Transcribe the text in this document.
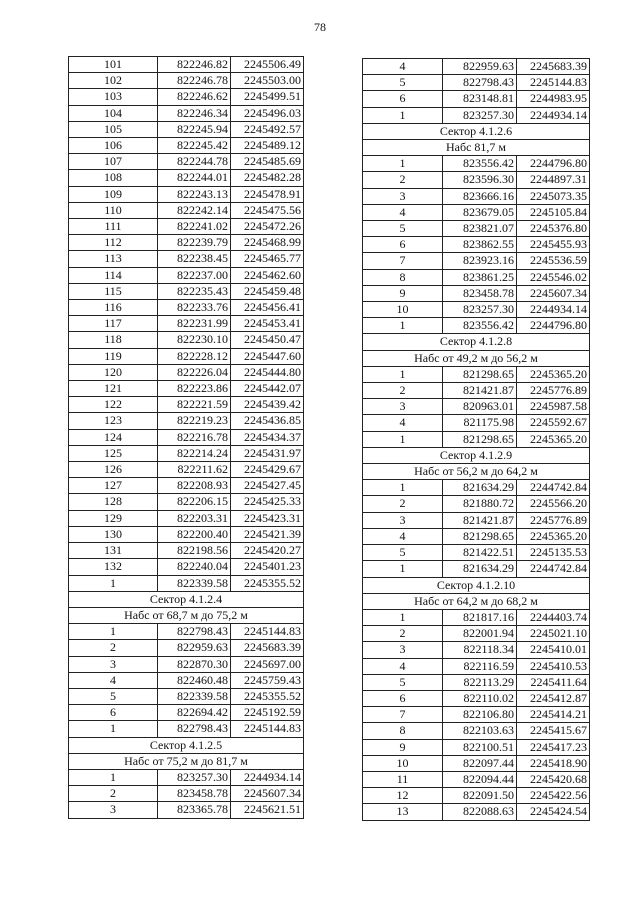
78
101	822246.82	2245506.49
102	822246.78	2245503.00
103	822246.62	2245499.51
104	822246.34	2245496.03
105	822245.94	2245492.57
106	822245.42	2245489.12
107	822244.78	2245485.69
108	822244.01	2245482.28
109	822243.13	2245478.91
110	822242.14	2245475.56
111	822241.02	2245472.26
112	822239.79	2245468.99
113	822238.45	2245465.77
114	822237.00	2245462.60
115	822235.43	2245459.48
116	822233.76	2245456.41
117	822231.99	2245453.41
118	822230.10	2245450.47
119	822228.12	2245447.60
120	822226.04	2245444.80
121	822223.86	2245442.07
122	822221.59	2245439.42
123	822219.23	2245436.85
124	822216.78	2245434.37
125	822214.24	2245431.97
126	822211.62	2245429.67
127	822208.93	2245427.45
128	822206.15	2245425.33
129	822203.31	2245423.31
130	822200.40	2245421.39
131	822198.56	2245420.27
132	822240.04	2245401.23
1	822339.58	2245355.52
Сектор 4.1.2.4		
Набс от 68,7 м до 75,2 м		
1	822798.43	2245144.83
2	822959.63	2245683.39
3	822870.30	2245697.00
4	822460.48	2245759.43
5	822339.58	2245355.52
6	822694.42	2245192.59
1	822798.43	2245144.83
Сектор 4.1.2.5		
Набс от 75,2 м до 81,7 м		
1	823257.30	2244934.14
2	823458.78	2245607.34
3	823365.78	2245621.51
4	822959.63	2245683.39
5	822798.43	2245144.83
6	823148.81	2244983.95
1	823257.30	2244934.14
Сектор 4.1.2.6		
Набс 81,7 м		
1	823556.42	2244796.80
2	823596.30	2244897.31
3	823666.16	2245073.35
4	823679.05	2245105.84
5	823821.07	2245376.80
6	823862.55	2245455.93
7	823923.16	2245536.59
8	823861.25	2245546.02
9	823458.78	2245607.34
10	823257.30	2244934.14
1	823556.42	2244796.80
Сектор 4.1.2.8		
Набс от 49,2 м до 56,2 м		
1	821298.65	2245365.20
2	821421.87	2245776.89
3	820963.01	2245987.58
4	821175.98	2245592.67
1	821298.65	2245365.20
Сектор 4.1.2.9		
Набс от 56,2 м до 64,2 м		
1	821634.29	2244742.84
2	821880.72	2245566.20
3	821421.87	2245776.89
4	821298.65	2245365.20
5	821422.51	2245135.53
1	821634.29	2244742.84
Сектор 4.1.2.10		
Набс от 64,2 м до 68,2 м		
1	821817.16	2244403.74
2	822001.94	2245021.10
3	822118.34	2245410.01
4	822116.59	2245410.53
5	822113.29	2245411.64
6	822110.02	2245412.87
7	822106.80	2245414.21
8	822103.63	2245415.67
9	822100.51	2245417.23
10	822097.44	2245418.90
11	822094.44	2245420.68
12	822091.50	2245422.56
13	822088.63	2245424.54
